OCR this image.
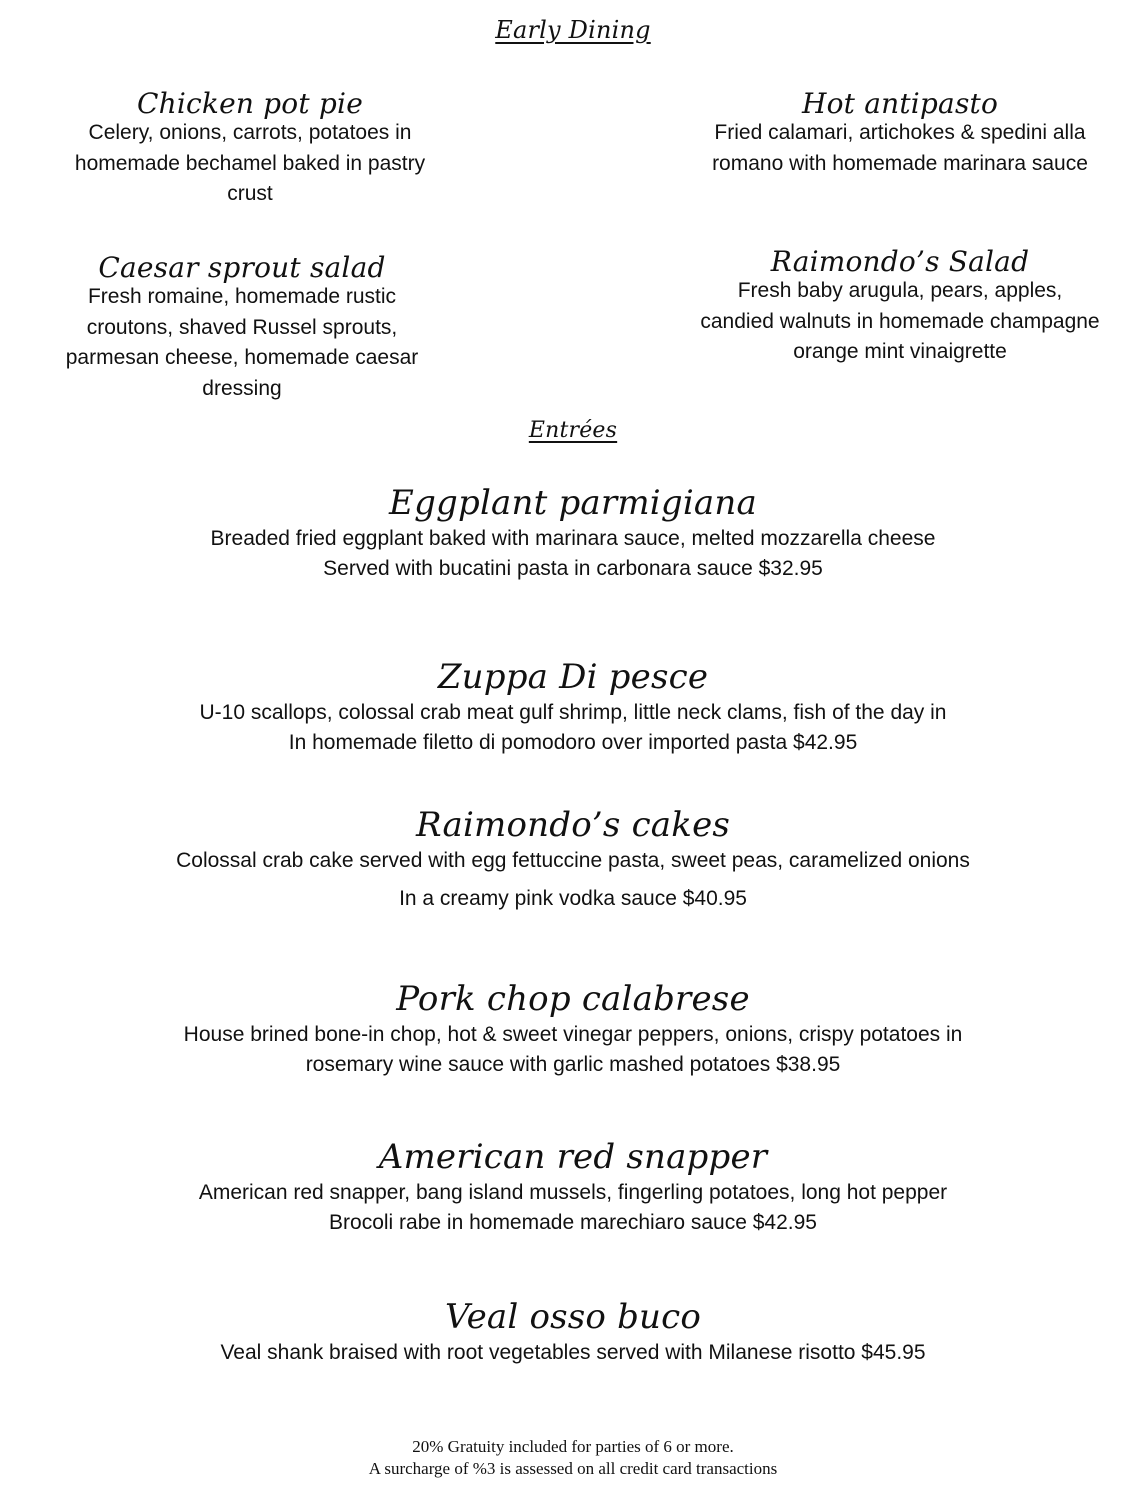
Early Dining
Chicken pot pie
Celery, onions, carrots, potatoes in homemade bechamel baked in pastry crust
Hot antipasto
Fried calamari, artichokes & spedini alla romano with homemade marinara sauce
Caesar sprout salad
Fresh romaine, homemade rustic croutons, shaved Russel sprouts, parmesan cheese, homemade caesar dressing
Raimondo’s Salad
Fresh baby arugula, pears, apples, candied walnuts in homemade champagne orange mint vinaigrette
Entrées
Eggplant parmigiana
Breaded fried eggplant baked with marinara sauce, melted mozzarella cheese
Served with bucatini pasta in carbonara sauce $32.95
Zuppa Di pesce
U-10 scallops, colossal crab meat gulf shrimp, little neck clams, fish of the day in
In homemade filetto di pomodoro over imported pasta $42.95
Raimondo’s cakes
Colossal crab cake served with egg fettuccine pasta, sweet peas, caramelized onions
In a creamy pink vodka sauce $40.95
Pork chop calabrese
House brined bone-in chop, hot & sweet vinegar peppers, onions, crispy potatoes in
rosemary wine sauce with garlic mashed potatoes $38.95
American red snapper
American red snapper, bang island mussels, fingerling potatoes, long hot pepper
Brocoli rabe in homemade marechiaro sauce $42.95
Veal osso buco
Veal shank braised with root vegetables served with Milanese risotto $45.95
20% Gratuity included for parties of 6 or more.
A surcharge of %3 is assessed on all credit card transactions
